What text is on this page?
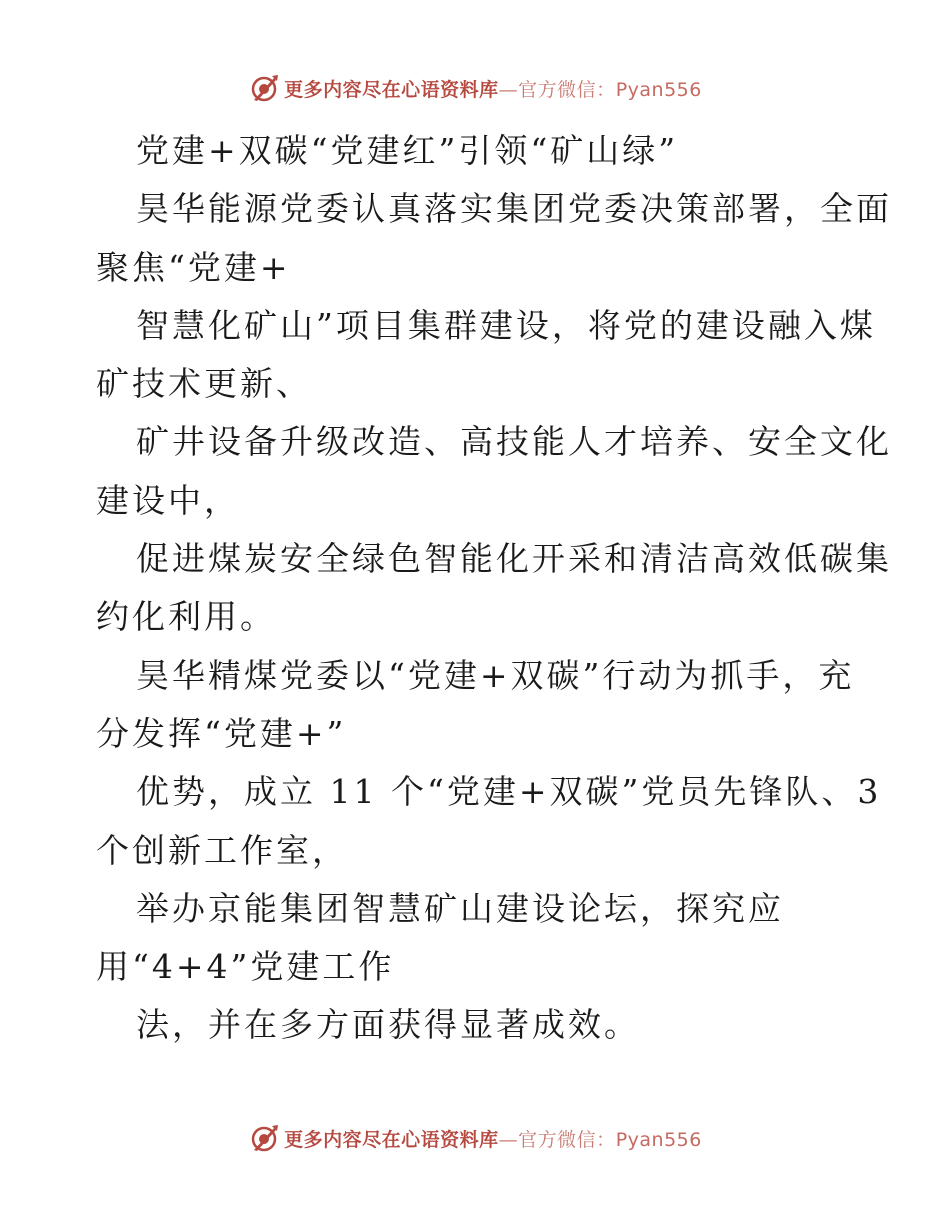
更多内容尽在心语资料库—官方微信：Pyan556
党建+双碳“党建红”引领“矿山绿”
昊华能源党委认真落实集团党委决策部署，全面
聚焦“党建+
智慧化矿山”项目集群建设，将党的建设融入煤
矿技术更新、
矿井设备升级改造、高技能人才培养、安全文化
建设中，
促进煤炭安全绿色智能化开采和清洁高效低碳集
约化利用。
昊华精煤党委以“党建+双碳”行动为抓手，充
分发挥“党建+”
优势，成立 11 个“党建+双碳”党员先锋队、3
个创新工作室，
举办京能集团智慧矿山建设论坛，探究应
用“4+4”党建工作
法，并在多方面获得显著成效。
更多内容尽在心语资料库—官方微信：Pyan556
